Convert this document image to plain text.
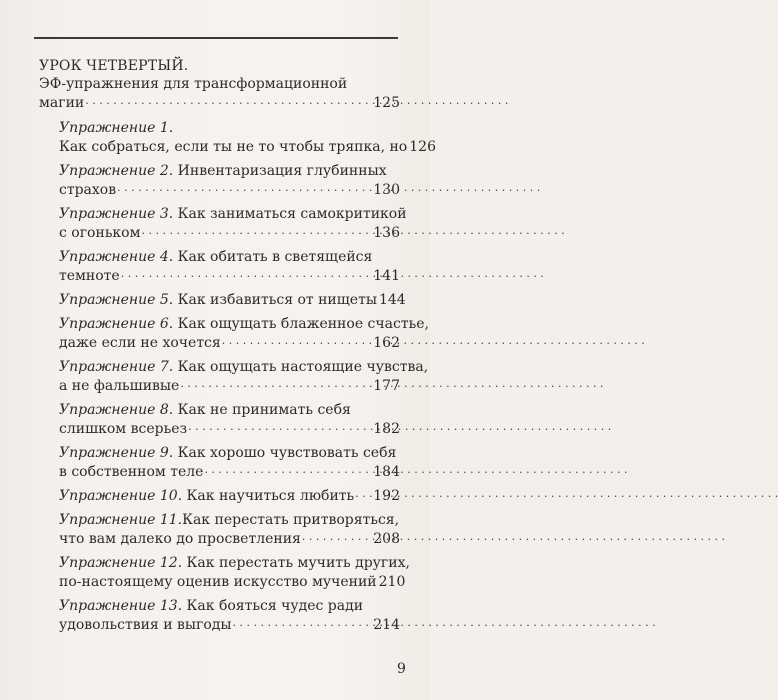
УРОК ЧЕТВЕРТЫЙ.
ЭФ-упражнения для трансформационной
магии . . .	125
Упражнение 1.
Как собраться, если ты не то чтобы тряпка, но 126
Упражнение 2. Инвентаризация глубинных
страхов . . .	130
Упражнение 3. Как заниматься самокритикой
с огоньком . . .	136
Упражнение 4. Как обитать в светящейся
темноте . . .	141
Упражнение 5. Как избавиться от нищеты 144
Упражнение 6. Как ощущать блаженное счастье,
даже если не хочется . . .	162
Упражнение 7. Как ощущать настоящие чувства,
а не фальшивые . . .	177
Упражнение 8. Как не принимать себя
слишком всерьез . . .	182
Упражнение 9. Как хорошо чувствовать себя
в собственном теле . . .	184
Упражнение 10. Как научиться любить . . . 192
Упражнение 11. Как перестать притворяться,
что вам далеко до просветления . . .	208
Упражнение 12. Как перестать мучить других,
по-настоящему оценив искусство мучений 210
Упражнение 13. Как бояться чудес ради
удовольствия и выгоды . . .	214
9
